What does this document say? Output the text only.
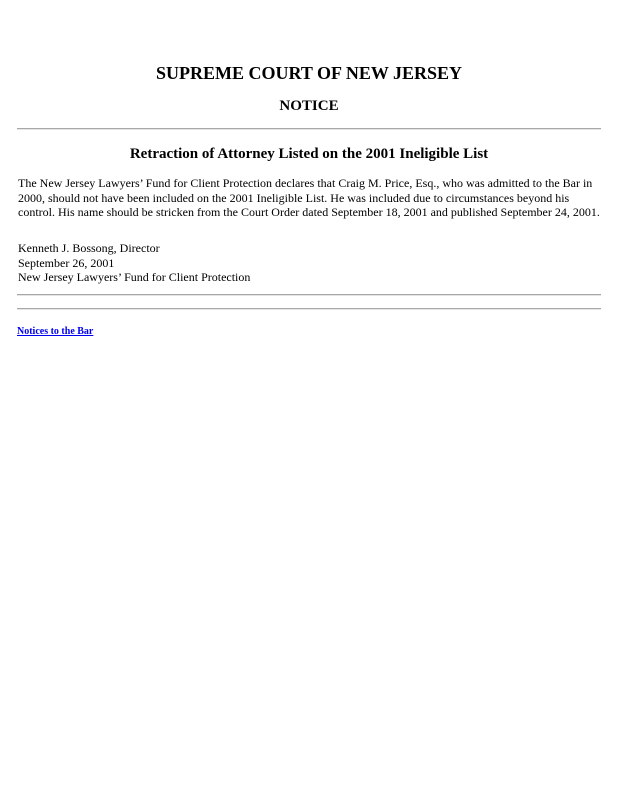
SUPREME COURT OF NEW JERSEY
NOTICE
Retraction of Attorney Listed on the 2001 Ineligible List

The New Jersey Lawyers’ Fund for Client Protection declares that Craig M. Price, Esq., who was admitted to the Bar in 2000, should not have been included on the 2001 Ineligible List. He was included due to circumstances beyond his control. His name should be stricken from the Court Order dated September 18, 2001 and published September 24, 2001.

Kenneth J. Bossong, Director
September 26, 2001
New Jersey Lawyers’ Fund for Client Protection

Notices to the Bar
